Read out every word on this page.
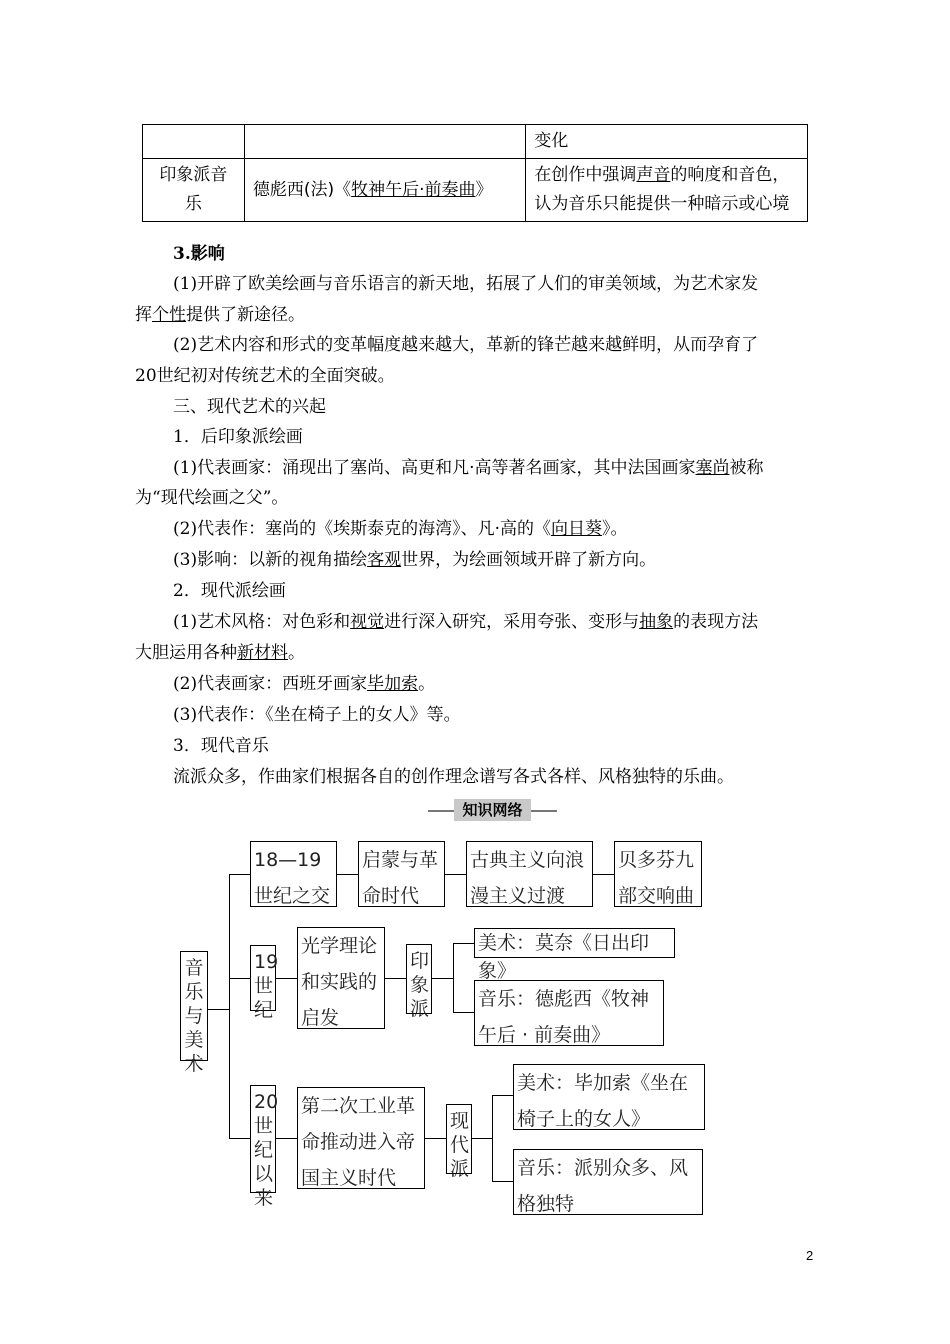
		变化
印象派音乐	德彪西(法)《牧神午后·前奏曲》	在创作中强调声音的响度和音色，认为音乐只能提供一种暗示或心境
3.影响
(1)开辟了欧美绘画与音乐语言的新天地，拓展了人们的审美领域，为艺术家发
挥个性提供了新途径。
(2)艺术内容和形式的变革幅度越来越大，革新的锋芒越来越鲜明，从而孕育了
20世纪初对传统艺术的全面突破。
三、现代艺术的兴起
1．后印象派绘画
(1)代表画家：涌现出了塞尚、高更和凡·高等著名画家，其中法国画家塞尚被称
为“现代绘画之父”。
(2)代表作：塞尚的《埃斯泰克的海湾》、凡·高的《向日葵》。
(3)影响：以新的视角描绘客观世界，为绘画领域开辟了新方向。
2．现代派绘画
(1)艺术风格：对色彩和视觉进行深入研究，采用夸张、变形与抽象的表现方法
大胆运用各种新材料。
(2)代表画家：西班牙画家毕加索。
(3)代表作：《坐在椅子上的女人》等。
3．现代音乐
流派众多，作曲家们根据各自的创作理念谱写各式各样、风格独特的乐曲。
知识网络
音乐与美术
18—19世纪之交
启蒙与革命时代
古典主义向浪漫主义过渡
贝多芬九部交响曲
19世纪
光学理论和实践的启发
印象派
美术：莫奈《日出印象》
音乐：德彪西《牧神午后 · 前奏曲》
20世纪以来
第二次工业革命推动进入帝国主义时代
现代派
美术：毕加索《坐在椅子上的女人》
音乐：派别众多、风格独特
2
